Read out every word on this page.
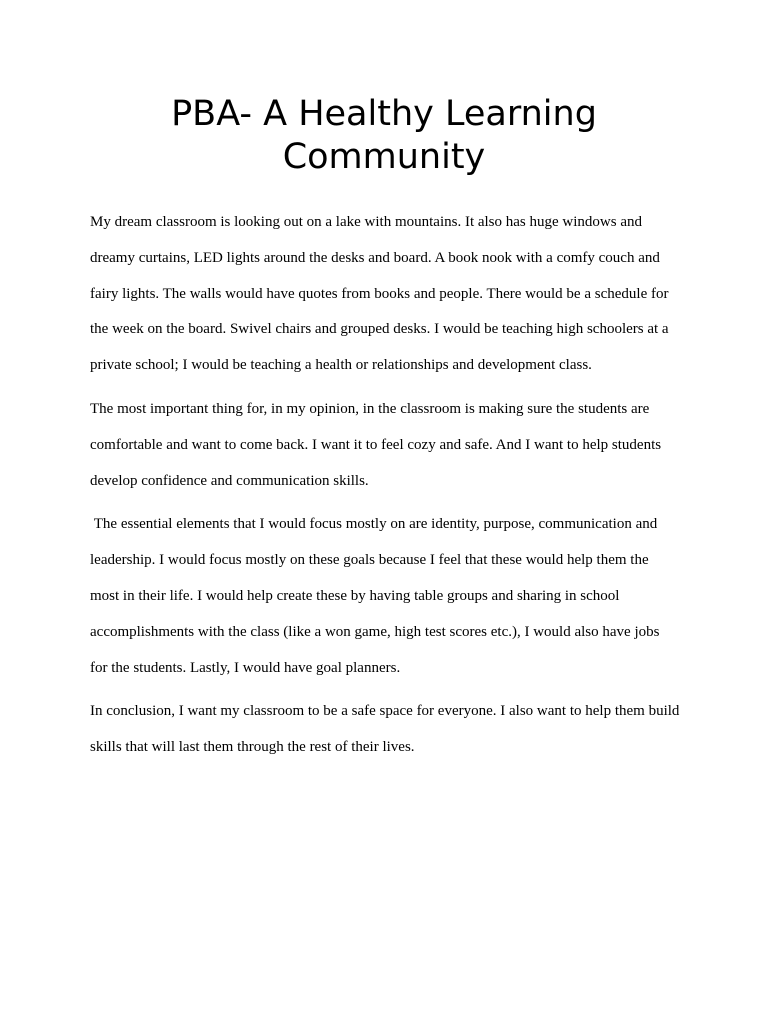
PBA- A Healthy Learning Community

My dream classroom is looking out on a lake with mountains. It also has huge windows and dreamy curtains, LED lights around the desks and board. A book nook with a comfy couch and fairy lights. The walls would have quotes from books and people. There would be a schedule for the week on the board. Swivel chairs and grouped desks. I would be teaching high schoolers at a private school; I would be teaching a health or relationships and development class.

The most important thing for, in my opinion, in the classroom is making sure the students are comfortable and want to come back. I want it to feel cozy and safe. And I want to help students develop confidence and communication skills.

The essential elements that I would focus mostly on are identity, purpose, communication and leadership. I would focus mostly on these goals because I feel that these would help them the most in their life. I would help create these by having table groups and sharing in school accomplishments with the class (like a won game, high test scores etc.), I would also have jobs for the students. Lastly, I would have goal planners.

In conclusion, I want my classroom to be a safe space for everyone. I also want to help them build skills that will last them through the rest of their lives.
